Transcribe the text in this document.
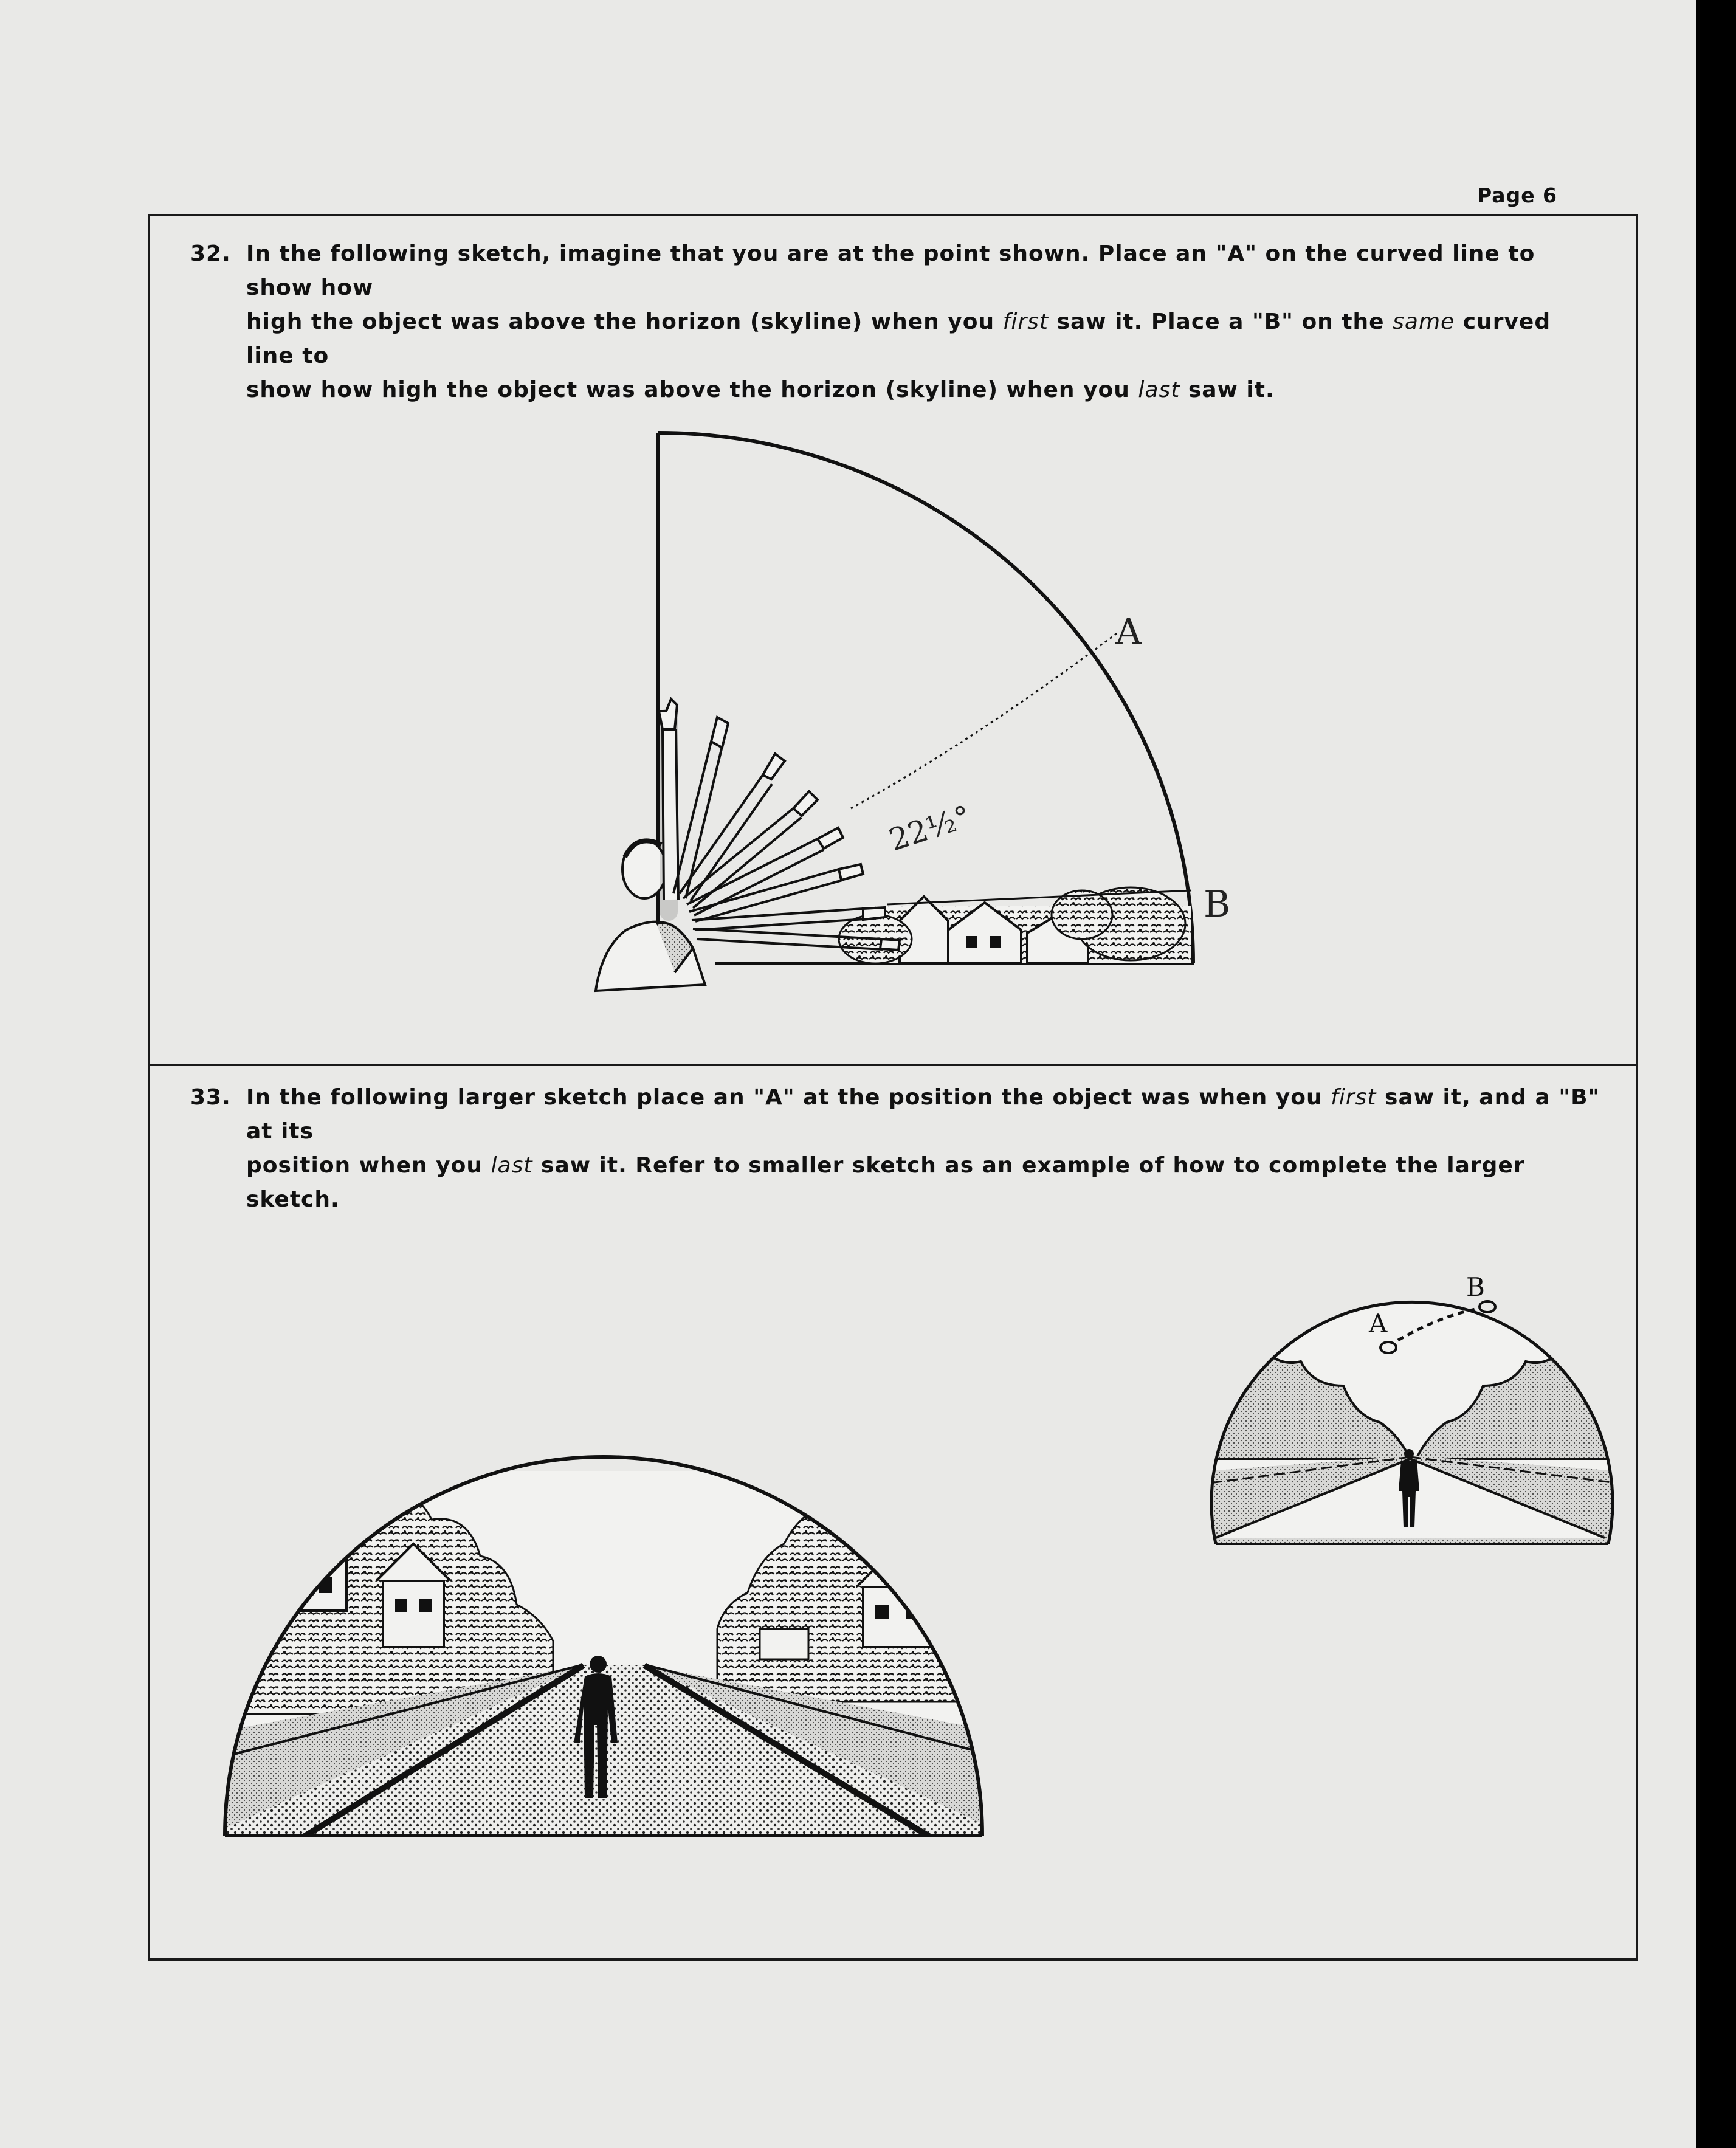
Page 6
32. In the following sketch, imagine that you are at the point shown. Place an "A" on the curved line to show how
high the object was above the horizon (skyline) when you first saw it. Place a "B" on the same curved line to
show how high the object was above the horizon (skyline) when you last saw it.
33. In the following larger sketch place an "A" at the position the object was when you first saw it, and a "B" at its
position when you last saw it. Refer to smaller sketch as an example of how to complete the larger sketch.
A
B
22½°
A
B
